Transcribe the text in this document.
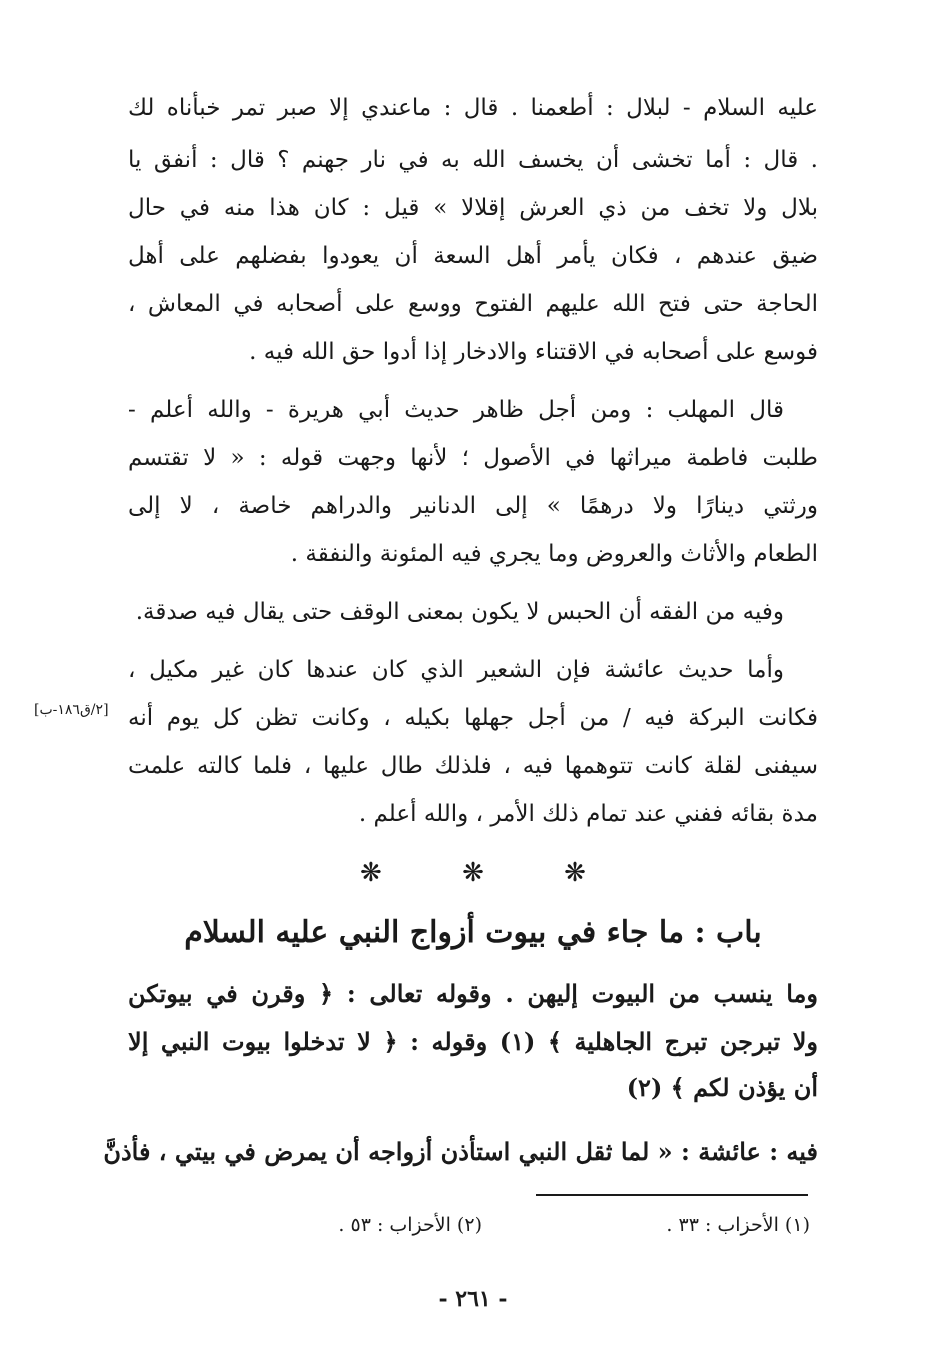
عليه السلام - لبلال : أطعمنا . قال : ماعندي إلا صبر تمر خبأناه لك
. قال : أما تخشى أن يخسف الله به في نار جهنم ؟ قال : أنفق يا
بلال ولا تخف من ذي العرش إقلالا » قيل : كان هذا منه في حال
ضيق عندهم ، فكان يأمر أهل السعة أن يعودوا بفضلهم على أهل
الحاجة حتى فتح الله عليهم الفتوح ووسع على أصحابه في المعاش ،
فوسع على أصحابه في الاقتناء والادخار إذا أدوا حق الله فيه .
قال المهلب : ومن أجل ظاهر حديث أبي هريرة - والله أعلم -
طلبت فاطمة ميراثها في الأصول ؛ لأنها وجهت قوله : « لا تقتسم
ورثتي دينارًا ولا درهمًا » إلى الدنانير والدراهم خاصة ، لا إلى
الطعام والأثاث والعروض وما يجري فيه المئونة والنفقة .
وفيه من الفقه أن الحبس لا يكون بمعنى الوقف حتى يقال فيه صدقة.
وأما حديث عائشة فإن الشعير الذي كان عندها كان غير مكيل ،
فكانت البركة فيه / من أجل جهلها بكيله ، وكانت تظن كل يوم أنه
سيفنى لقلة كانت تتوهمها فيه ، فلذلك طال عليها ، فلما كالته علمت
مدة بقائه ففني عند تمام ذلك الأمر ، والله أعلم .
[٢/ق١٨٦-ب]
❋	❋	❋
باب : ما جاء في بيوت أزواج النبي عليه السلام
وما ينسب من البيوت إليهن . وقوله تعالى : ﴿ وقرن في بيوتكن
ولا تبرجن تبرج الجاهلية ﴾ (١) وقوله : ﴿ لا تدخلوا بيوت النبي إلا
أن يؤذن لكم ﴾ (٢)
فيه : عائشة : « لما ثقل النبي استأذن أزواجه أن يمرض في بيتي ، فأذنَّ
(١) الأحزاب : ٣٣ .
(٢) الأحزاب : ٥٣ .
- ٢٦١ -
